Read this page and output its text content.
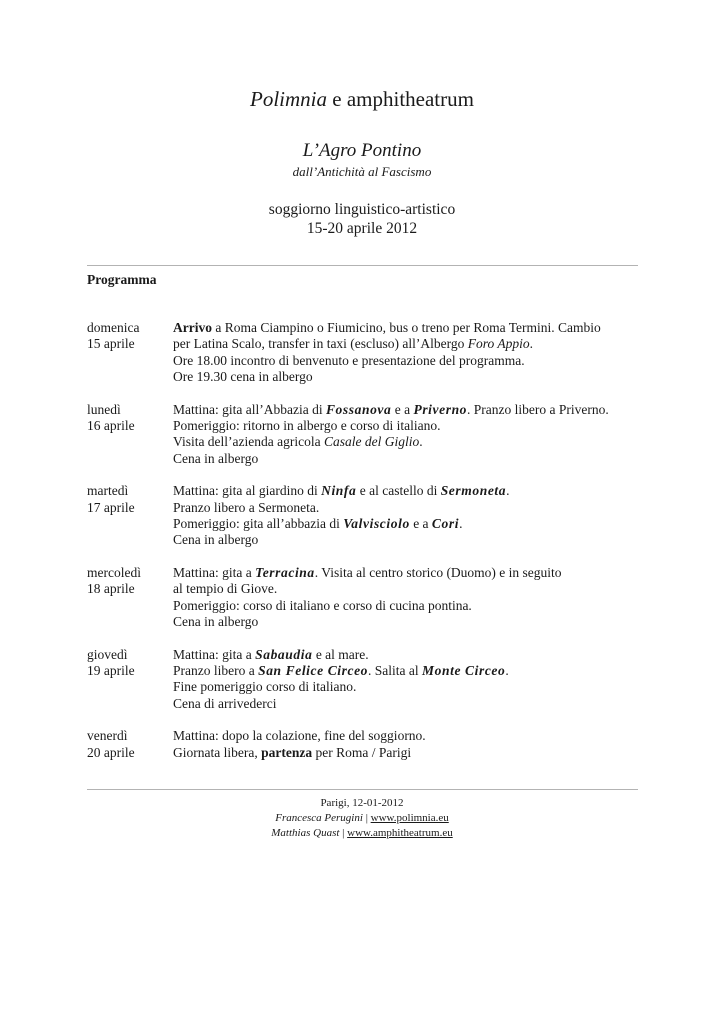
Polimnia e amphitheatrum
L’Agro Pontino
dall’Antichità al Fascismo
soggiorno linguistico-artistico
15-20 aprile 2012
Programma
domenica
15 aprile
Arrivo a Roma Ciampino o Fiumicino, bus o treno per Roma Termini. Cambio
per Latina Scalo, transfer in taxi (escluso) all’Albergo Foro Appio.
Ore 18.00 incontro di benvenuto e presentazione del programma.
Ore 19.30 cena in albergo
lunedì
16 aprile
Mattina: gita all’Abbazia di Fossanova e a Priverno. Pranzo libero a Priverno.
Pomeriggio: ritorno in albergo e corso di italiano.
Visita dell’azienda agricola Casale del Giglio.
Cena in albergo
martedì
17 aprile
Mattina: gita al giardino di Ninfa e al castello di Sermoneta.
Pranzo libero a Sermoneta.
Pomeriggio: gita all’abbazia di Valvisciolo e a Cori.
Cena in albergo
mercoledì
18 aprile
Mattina: gita a Terracina. Visita al centro storico (Duomo) e in seguito
al tempio di Giove.
Pomeriggio: corso di italiano e corso di cucina pontina.
Cena in albergo
giovedì
19 aprile
Mattina: gita a Sabaudia e al mare.
Pranzo libero a San Felice Circeo. Salita al Monte Circeo.
Fine pomeriggio corso di italiano.
Cena di arrivederci
venerdì
20 aprile
Mattina: dopo la colazione, fine del soggiorno.
Giornata libera, partenza per Roma / Parigi
Parigi, 12-01-2012
Francesca Perugini | www.polimnia.eu
Matthias Quast | www.amphitheatrum.eu
